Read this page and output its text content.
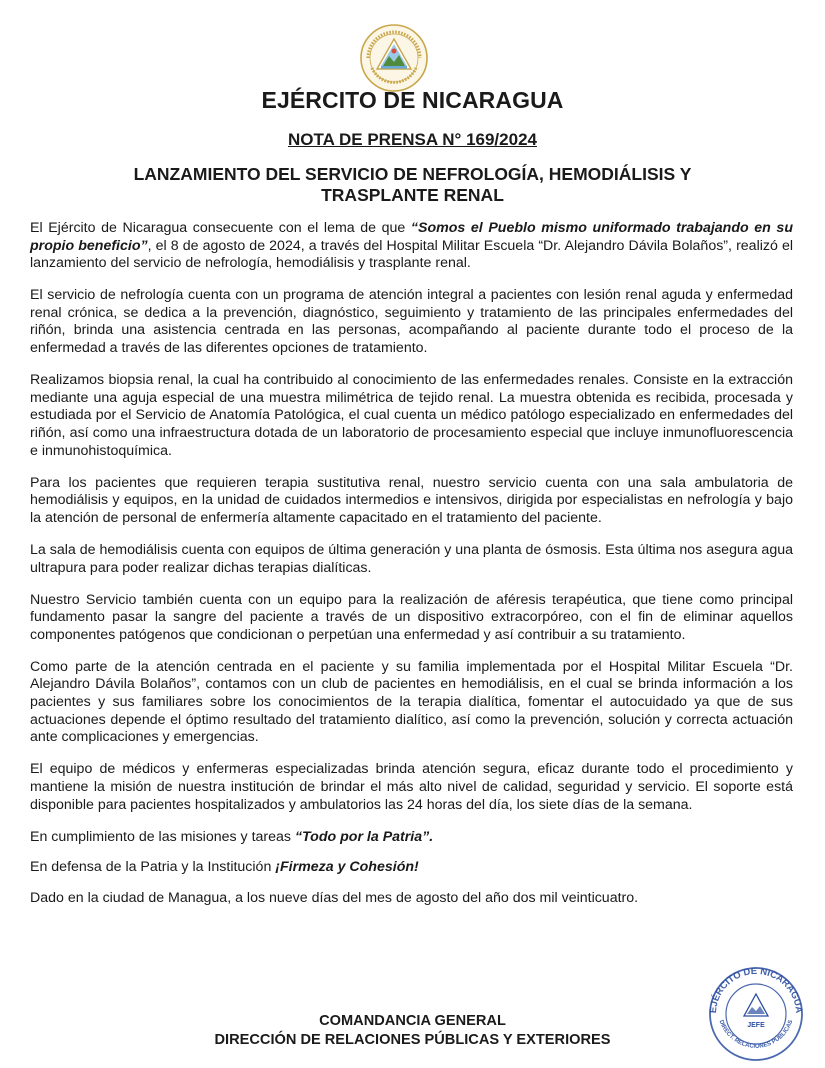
EJÉRCITO DE NICARAGUA
NOTA DE PRENSA N° 169/2024
LANZAMIENTO DEL SERVICIO DE NEFROLOGÍA, HEMODIÁLISIS Y
TRASPLANTE RENAL

El Ejército de Nicaragua consecuente con el lema de que “Somos el Pueblo mismo uniformado trabajando en su propio beneficio”, el 8 de agosto de 2024, a través del Hospital Militar Escuela “Dr. Alejandro Dávila Bolaños”, realizó el lanzamiento del servicio de nefrología, hemodiálisis y trasplante renal.

El servicio de nefrología cuenta con un programa de atención integral a pacientes con lesión renal aguda y enfermedad renal crónica, se dedica a la prevención, diagnóstico, seguimiento y tratamiento de las principales enfermedades del riñón, brinda una asistencia centrada en las personas, acompañando al paciente durante todo el proceso de la enfermedad a través de las diferentes opciones de tratamiento.

Realizamos biopsia renal, la cual ha contribuido al conocimiento de las enfermedades renales. Consiste en la extracción mediante una aguja especial de una muestra milimétrica de tejido renal. La muestra obtenida es recibida, procesada y estudiada por el Servicio de Anatomía Patológica, el cual cuenta un médico patólogo especializado en enfermedades del riñón, así como una infraestructura dotada de un laboratorio de procesamiento especial que incluye inmunofluorescencia e inmunohistoquímica.

Para los pacientes que requieren terapia sustitutiva renal, nuestro servicio cuenta con una sala ambulatoria de hemodiálisis y equipos, en la unidad de cuidados intermedios e intensivos, dirigida por especialistas en nefrología y bajo la atención de personal de enfermería altamente capacitado en el tratamiento del paciente.

La sala de hemodiálisis cuenta con equipos de última generación y una planta de ósmosis. Esta última nos asegura agua ultrapura para poder realizar dichas terapias dialíticas.

Nuestro Servicio también cuenta con un equipo para la realización de aféresis terapéutica, que tiene como principal fundamento pasar la sangre del paciente a través de un dispositivo extracorpóreo, con el fin de eliminar aquellos componentes patógenos que condicionan o perpetúan una enfermedad y así contribuir a su tratamiento.

Como parte de la atención centrada en el paciente y su familia implementada por el Hospital Militar Escuela “Dr. Alejandro Dávila Bolaños”, contamos con un club de pacientes en hemodiálisis, en el cual se brinda información a los pacientes y sus familiares sobre los conocimientos de la terapia dialítica, fomentar el autocuidado ya que de sus actuaciones depende el óptimo resultado del tratamiento dialítico, así como la prevención, solución y correcta actuación ante complicaciones y emergencias.

El equipo de médicos y enfermeras especializadas brinda atención segura, eficaz durante todo el procedimiento y mantiene la misión de nuestra institución de brindar el más alto nivel de calidad, seguridad y servicio. El soporte está disponible para pacientes hospitalizados y ambulatorios las 24 horas del día, los siete días de la semana.

En cumplimiento de las misiones y tareas “Todo por la Patria”.

En defensa de la Patria y la Institución ¡Firmeza y Cohesión!

Dado en la ciudad de Managua, a los nueve días del mes de agosto del año dos mil veinticuatro.

COMANDANCIA GENERAL
DIRECCIÓN DE RELACIONES PÚBLICAS Y EXTERIORES
EJÉRCITO DE NICARAGUA
DIRECT. RELACIONES PÚBLICAS
JEFE
